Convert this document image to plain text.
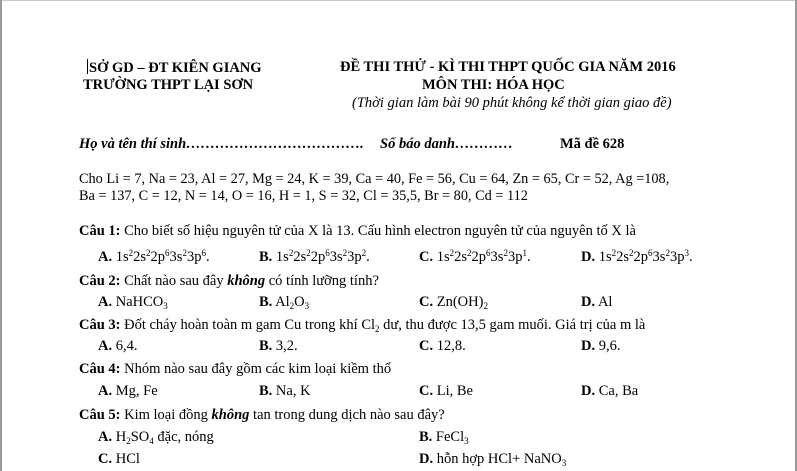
SỞ GD – ĐT KIÊN GIANG
TRƯỜNG THPT LẠI SƠN
ĐỀ THI THỬ - KÌ THI THPT QUỐC GIA NĂM 2016
MÔN THI: HÓA HỌC
(Thời gian làm bài 90 phút không kể thời gian giao đề)
Họ và tên thí sinh………………………………. Số báo danh…………	Mã đề 628
Cho Li = 7, Na = 23, Al = 27, Mg = 24, K = 39, Ca = 40, Fe = 56, Cu = 64, Zn = 65, Cr = 52, Ag =108,
Ba = 137, C = 12, N = 14, O = 16, H = 1, S = 32, Cl = 35,5, Br = 80, Cd = 112
Câu 1: Cho biết số hiệu nguyên tử của X là 13. Cấu hình electron nguyên tử của nguyên tố X là
A. $1s^22s^22p^63s^23p^6$.	B. $1s^22s^22p^63s^23p^2$.	C. $1s^22s^22p^63s^23p^1$.	D. $1s^22s^22p^63s^23p^3$.
Câu 2: Chất nào sau đây không có tính lưỡng tính?
A. NaHCO$_3$	B. $Al_2O_3$	C. $Zn(OH)_2$	D. Al
Câu 3: Đốt cháy hoàn toàn m gam Cu trong khí $Cl_2$ dư, thu được 13,5 gam muối. Giá trị của m là
A. 6,4.	B. 3,2.	C. 12,8.	D. 9,6.
Câu 4: Nhóm nào sau đây gồm các kim loại kiềm thổ
A. Mg, Fe	B. Na, K	C. Li, Be	D. Ca, Ba
Câu 5: Kim loại đồng không tan trong dung dịch nào sau đây?
A. $H_2SO_4$ đặc, nóng	B. FeCl$_3$
C. HCl	D. hỗn hợp HCl+ NaNO$_3$
